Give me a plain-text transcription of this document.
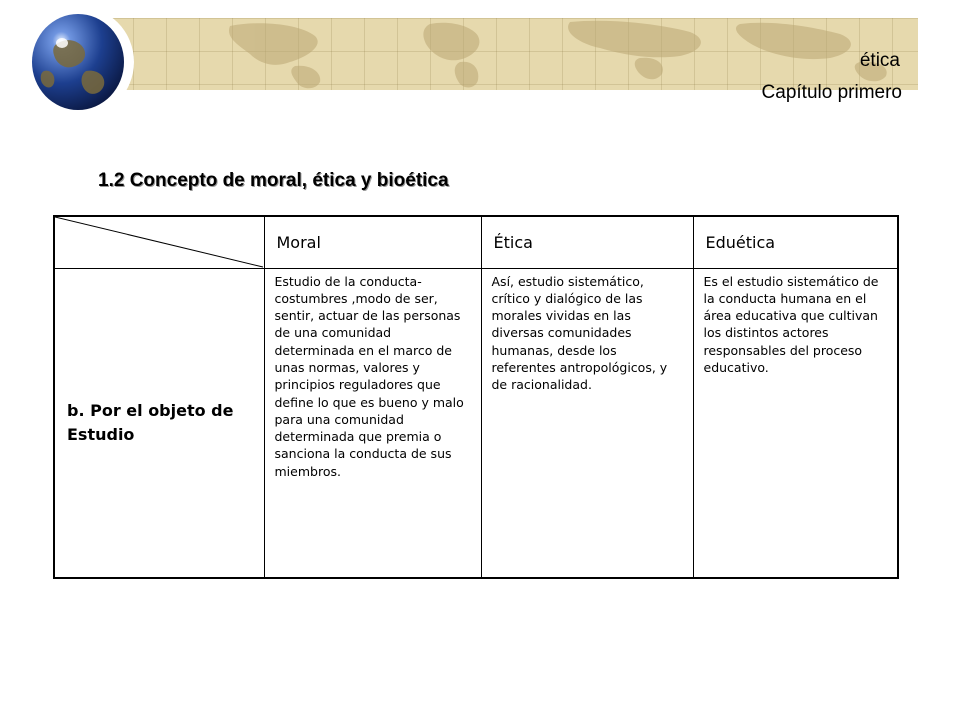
ética
Capítulo primero
1.2 Concepto de moral, ética y bioética
	Moral	Ética	Eduética
b. Por el objeto de Estudio	Estudio de la conducta- costumbres ,modo de ser, sentir, actuar de las personas de una comunidad determinada en el marco de unas normas, valores y principios reguladores que define lo que es bueno y malo para una comunidad determinada que premia o sanciona la conducta de sus miembros.	Así, estudio sistemático, crítico y dialógico de las morales vividas en las diversas comunidades humanas, desde los referentes antropológicos, y de racionalidad.	Es el estudio sistemático de la conducta humana en el área educativa que cultivan los distintos actores responsables del proceso educativo.
